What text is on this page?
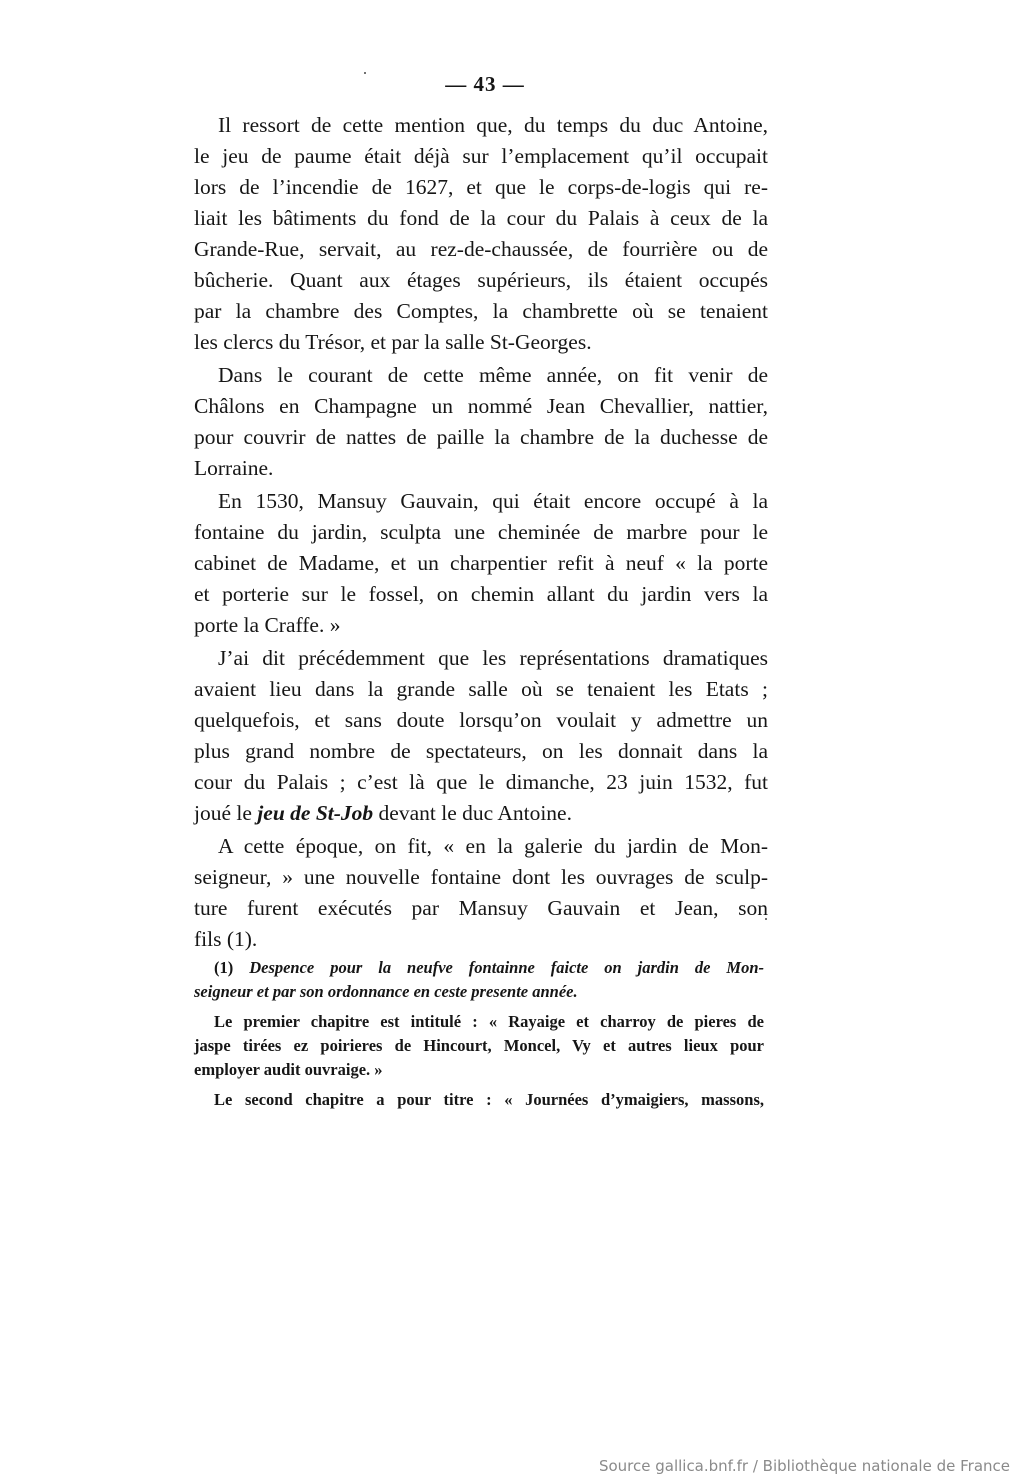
— 43 —
Il ressort de cette mention que, du temps du duc Antoine,
le jeu de paume était déjà sur l’emplacement qu’il occupait
lors de l’incendie de 1627, et que le corps-de-logis qui re-
liait les bâtiments du fond de la cour du Palais à ceux de la
Grande-Rue, servait, au rez-de-chaussée, de fourrière ou de
bûcherie. Quant aux étages supérieurs, ils étaient occupés
par la chambre des Comptes, la chambrette où se tenaient
les clercs du Trésor, et par la salle St-Georges.
Dans le courant de cette même année, on fit venir de
Châlons en Champagne un nommé Jean Chevallier, nattier,
pour couvrir de nattes de paille la chambre de la duchesse de
Lorraine.
En 1530, Mansuy Gauvain, qui était encore occupé à la
fontaine du jardin, sculpta une cheminée de marbre pour le
cabinet de Madame, et un charpentier refit à neuf « la porte
et porterie sur le fossel, on chemin allant du jardin vers la
porte la Craffe. »
J’ai dit précédemment que les représentations dramatiques
avaient lieu dans la grande salle où se tenaient les Etats ;
quelquefois, et sans doute lorsqu’on voulait y admettre un
plus grand nombre de spectateurs, on les donnait dans la
cour du Palais ; c’est là que le dimanche, 23 juin 1532, fut
joué le jeu de St-Job devant le duc Antoine.
A cette époque, on fit, « en la galerie du jardin de Mon-
seigneur, » une nouvelle fontaine dont les ouvrages de sculp-
ture furent exécutés par Mansuy Gauvain et Jean, son
fils (1).
(1) Despence pour la neufve fontainne faicte on jardin de Mon-
seigneur et par son ordonnance en ceste presente année.
Le premier chapitre est intitulé : « Rayaige et charroy de pieres de
jaspe tirées ez poirieres de Hincourt, Moncel, Vy et autres lieux pour
employer audit ouvraige. »
Le second chapitre a pour titre : « Journées d’ymaigiers, massons,
Source gallica.bnf.fr / Bibliothèque nationale de France
